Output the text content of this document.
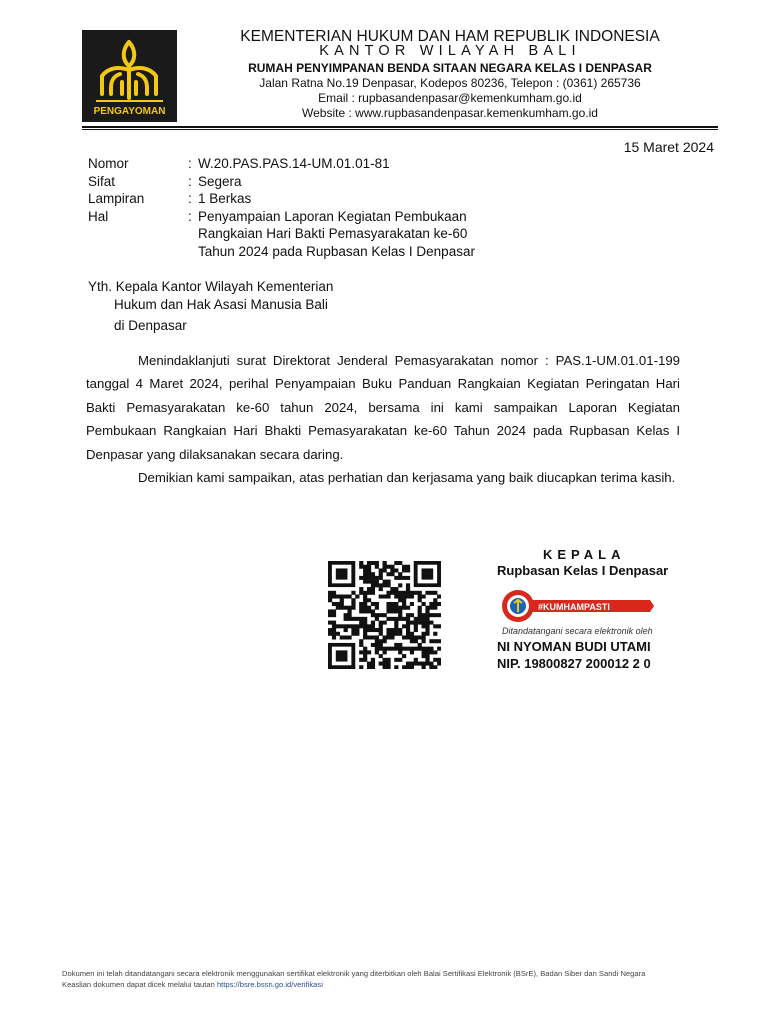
PENGAYOMAN
KEMENTERIAN HUKUM DAN HAM REPUBLIK INDONESIA
KANTOR WILAYAH BALI
RUMAH PENYIMPANAN BENDA SITAAN NEGARA KELAS I DENPASAR
Jalan Ratna No.19 Denpasar, Kodepos 80236, Telepon : (0361) 265736
Email : rupbasandenpasar@kemenkumham.go.id
Website : www.rupbasandenpasar.kemenkumham.go.id
15 Maret 2024
Nomor	: W.20.PAS.PAS.14-UM.01.01-81
Sifat	: Segera
Lampiran	: 1 Berkas
Hal	: Penyampaian Laporan Kegiatan Pembukaan Rangkaian Hari Bakti Pemasyarakatan ke-60 Tahun 2024 pada Rupbasan Kelas I Denpasar
Yth. Kepala Kantor Wilayah Kementerian
Hukum dan Hak Asasi Manusia Bali
di Denpasar

Menindaklanjuti surat Direktorat Jenderal Pemasyarakatan nomor : PAS.1-UM.01.01-199 tanggal 4 Maret 2024, perihal Penyampaian Buku Panduan Rangkaian Kegiatan Peringatan Hari Bakti Pemasyarakatan ke-60 tahun 2024, bersama ini kami sampaikan Laporan Kegiatan Pembukaan Rangkaian Hari Bhakti Pemasyarakatan ke-60 Tahun 2024 pada Rupbasan Kelas I Denpasar yang dilaksanakan secara daring.

Demikian kami sampaikan, atas perhatian dan kerjasama yang baik diucapkan terima kasih.

KEPALA
Rupbasan Kelas I Denpasar
#KUMHAMPASTI
Ditandatangani secara elektronik oleh
NI NYOMAN BUDI UTAMI
NIP. 19800827 200012 2 0
Dokumen ini telah ditandatangani secara elektronik menggunakan sertifikat elektronik yang diterbitkan oleh Balai Sertifikasi Elektronik (BSrE), Badan Siber dan Sandi Negara
Keaslian dokumen dapat dicek melalui tautan https://bsre.bssn.go.id/verifikasi
